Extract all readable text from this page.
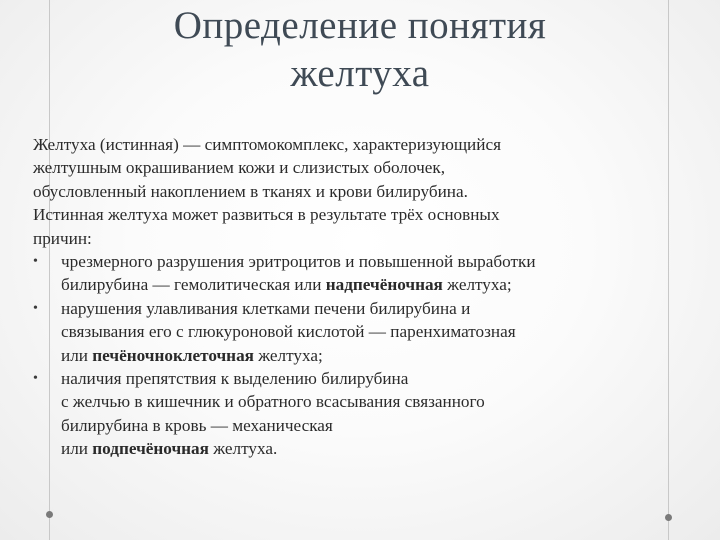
Определение понятия
желтуха

Желтуха (истинная) — симптомокомплекс, характеризующийся

желтушным окрашиванием кожи и слизистых оболочек,

обусловленный накоплением в тканях и крови билирубина.

Истинная желтуха может развиться в результате трёх основных

причин:

• чрезмерного разрушения эритроцитов и повышенной выработки
билирубина — гемолитическая или надпечёночная желтуха;
• нарушения улавливания клетками печени билирубина и
связывания его с глюкуроновой кислотой — паренхиматозная
или печёночноклеточная желтуха;
• наличия препятствия к выделению билирубина
с желчью в кишечник и обратного всасывания связанного
билирубина в кровь — механическая
или подпечёночная желтуха.
